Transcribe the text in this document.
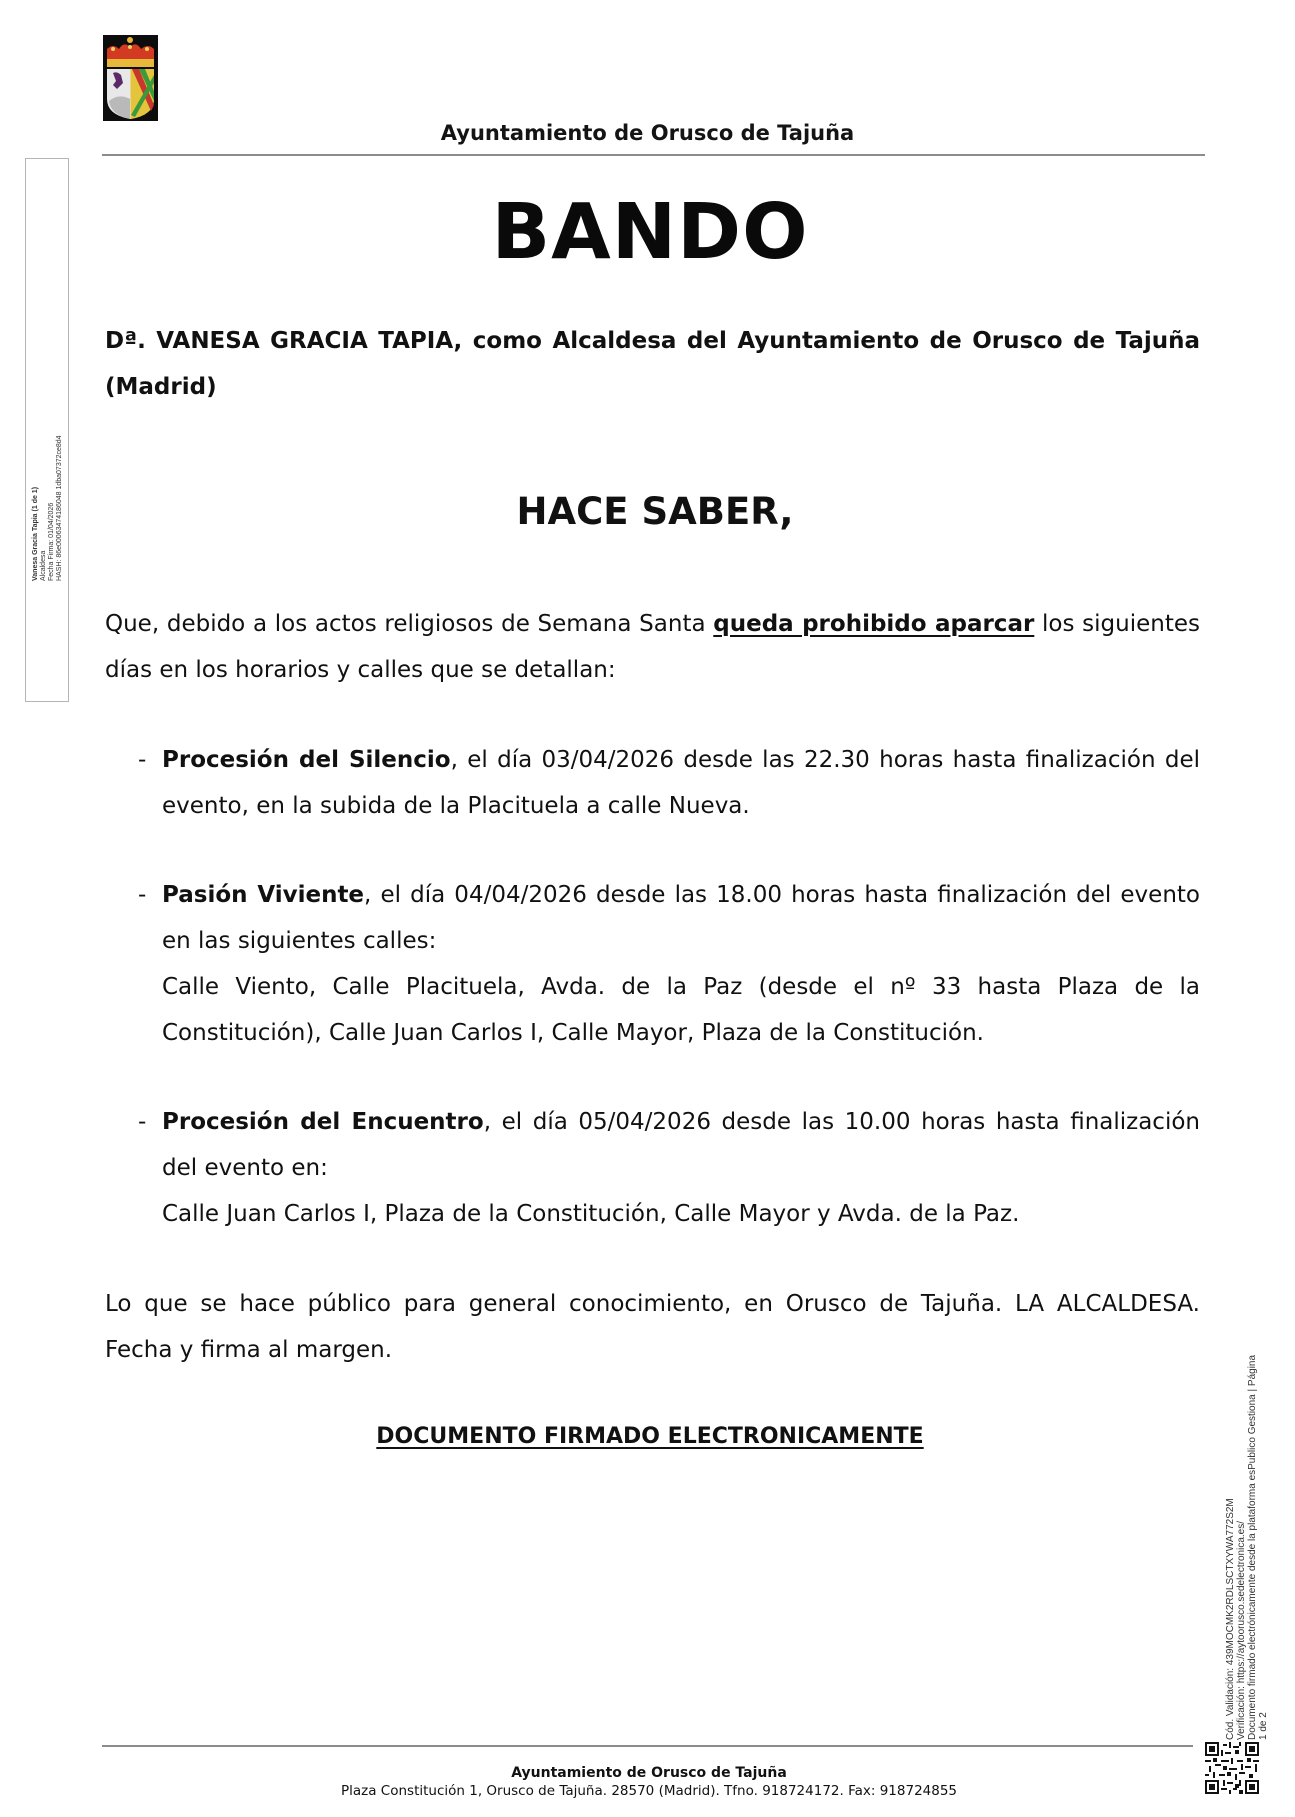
Ayuntamiento de Orusco de Tajuña
Vanesa Gracia Tapia (1 de 1) Alcaldesa Fecha Firma: 01/04/2026 HASH: 86e00063474186048 1dba07372ce8d4
BANDO
Dª. VANESA GRACIA TAPIA, como Alcaldesa del Ayuntamiento de Orusco de Tajuña (Madrid)
HACE SABER,
Que, debido a los actos religiosos de Semana Santa queda prohibido aparcar los siguientes días en los horarios y calles que se detallan:
- Procesión del Silencio, el día 03/04/2026 desde las 22.30 horas hasta finalización del evento, en la subida de la Placituela a calle Nueva.

- Pasión Viviente, el día 04/04/2026 desde las 18.00 horas hasta finalización del evento en las siguientes calles:

Calle Viento, Calle Placituela, Avda. de la Paz (desde el nº 33 hasta Plaza de la Constitución), Calle Juan Carlos I, Calle Mayor, Plaza de la Constitución.

- Procesión del Encuentro, el día 05/04/2026 desde las 10.00 horas hasta finalización del evento en:

Calle Juan Carlos I, Plaza de la Constitución, Calle Mayor y Avda. de la Paz.

Lo que se hace público para general conocimiento, en Orusco de Tajuña. LA ALCALDESA. Fecha y firma al margen.
DOCUMENTO FIRMADO ELECTRONICAMENTE
Cód. Validación: 439MOCMK2RDLSCTXYWA772S2M Verificación: https://aytoorusco.sedelectronica.es/ Documento firmado electrónicamente desde la plataforma esPublico Gestiona | Página 1 de 2
Ayuntamiento de Orusco de Tajuña
Plaza Constitución 1, Orusco de Tajuña. 28570 (Madrid). Tfno. 918724172. Fax: 918724855
